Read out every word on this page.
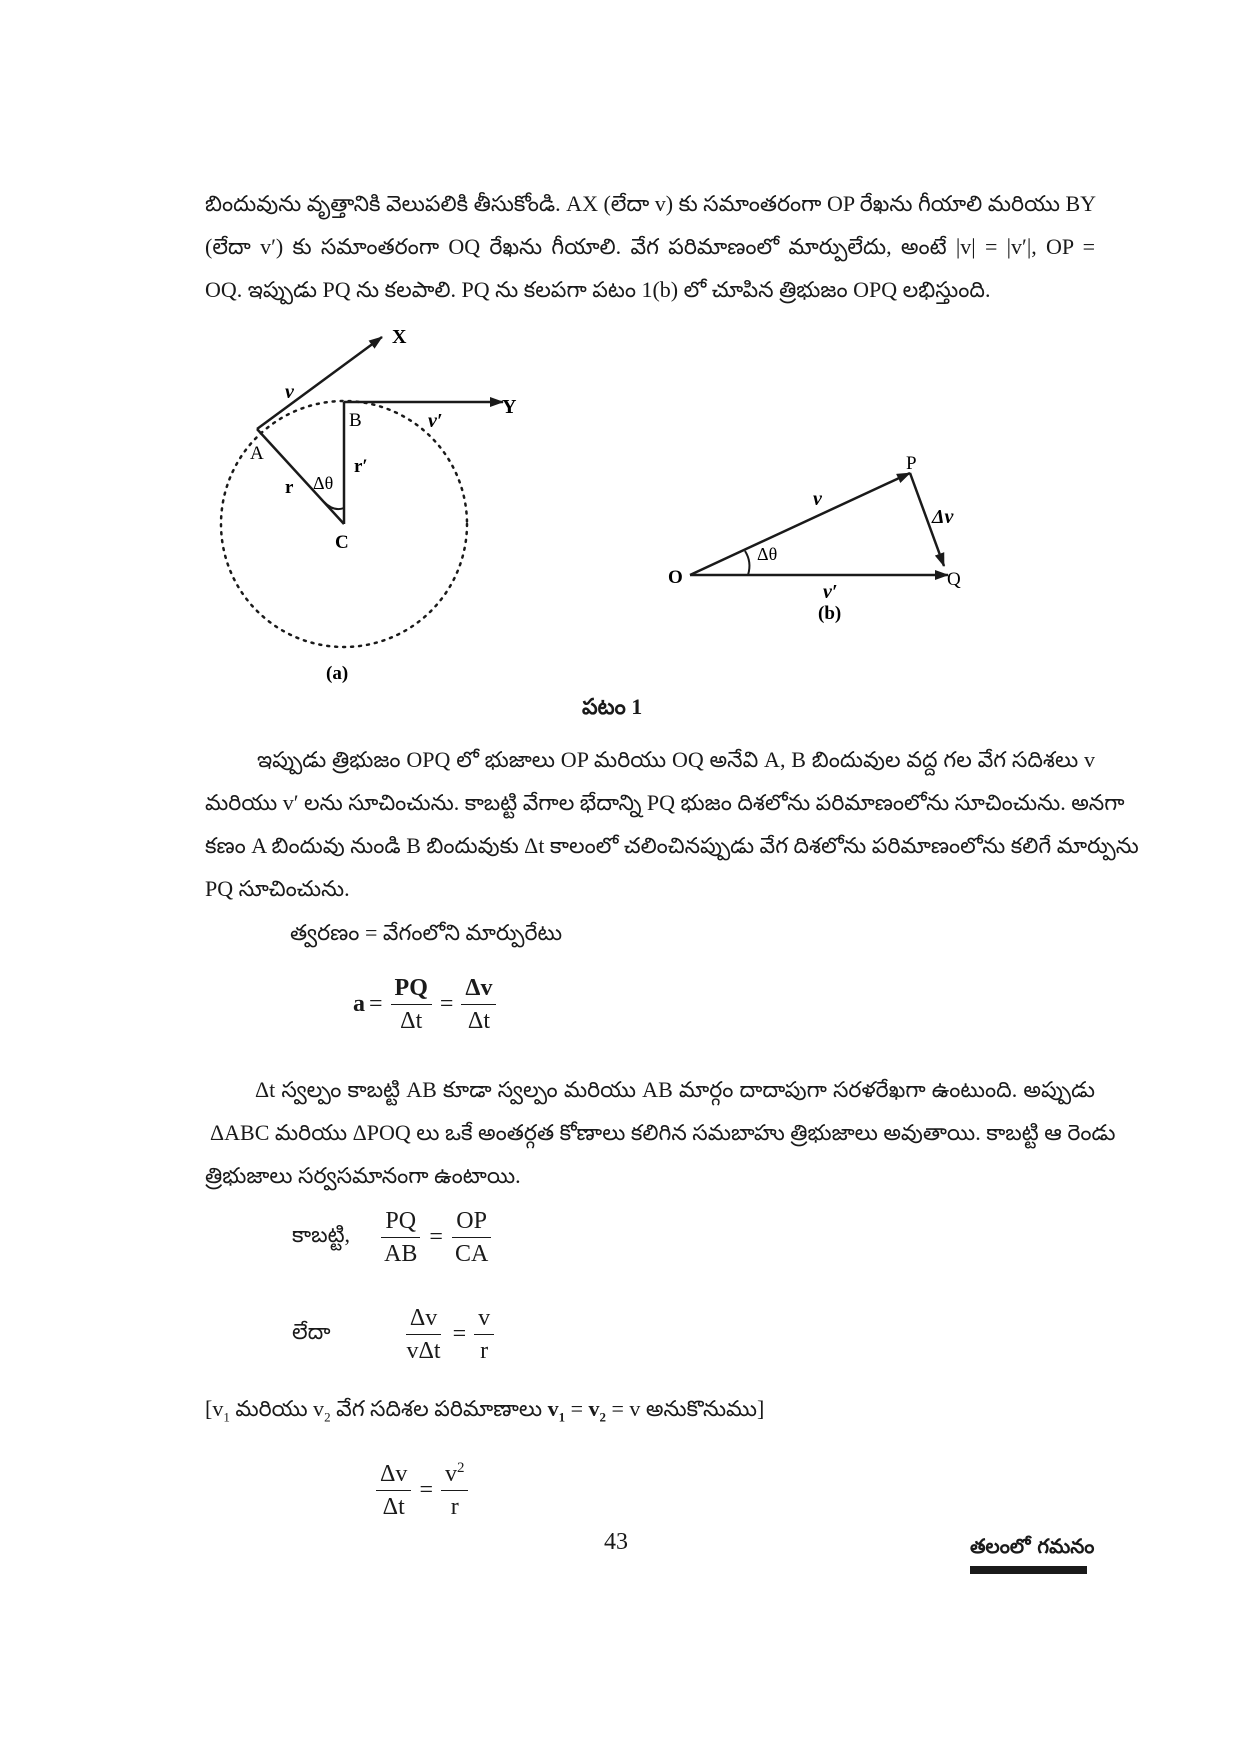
బిందువును వృత్తానికి వెలుపలికి తీసుకోండి. AX (లేదా v) కు సమాంతరంగా OP రేఖను గీయాలి మరియు BY
(లేదా v′) కు సమాంతరంగా OQ రేఖను గీయాలి. వేగ పరిమాణంలో మార్పులేదు, అంటే |v| = |v′|, OP =
OQ. ఇప్పుడు PQ ను కలపాలి. PQ ను కలపగా పటం 1(b) లో చూపిన త్రిభుజం OPQ లభిస్తుంది.
X
Y
A
B
C
v
v′
r
r′
Δθ
(a)
O
P
Q
v
v′
Δv
Δθ
(b)
పటం 1
ఇప్పుడు త్రిభుజం OPQ లో భుజాలు OP మరియు OQ అనేవి A, B బిందువుల వద్ద గల వేగ సదిశలు v
మరియు v′ లను సూచించును. కాబట్టి వేగాల భేదాన్ని PQ భుజం దిశలోను పరిమాణంలోను సూచించును. అనగా
కణం A బిందువు నుండి B బిందువుకు Δt కాలంలో చలించినప్పుడు వేగ దిశలోను పరిమాణంలోను కలిగే మార్పును
PQ సూచించును.
త్వరణం = వేగంలోని మార్పురేటు
$a = \frac{PQ}{\Delta t} = \frac{\Delta v}{\Delta t}$
Δt స్వల్పం కాబట్టి AB కూడా స్వల్పం మరియు AB మార్గం దాదాపుగా సరళరేఖగా ఉంటుంది. అప్పుడు
ΔABC మరియు ΔPOQ లు ఒకే అంతర్గత కోణాలు కలిగిన సమబాహు త్రిభుజాలు అవుతాయి. కాబట్టి ఆ రెండు
త్రిభుజాలు సర్వసమానంగా ఉంటాయి.
కాబట్టి, $\frac{PQ}{AB} = \frac{OP}{CA}$
లేదా	$\frac{\Delta v}{\text{vΔt}} = \frac{v}{r}$
[$v_1$ మరియు $v_2$ వేగ సదిశల పరిమాణాలు $v_1 = v_2 = v$ అనుకొనుము]
$\frac{\Delta v}{\Delta t} = \frac{v^2}{r}$
43	తలంలో గమనం
